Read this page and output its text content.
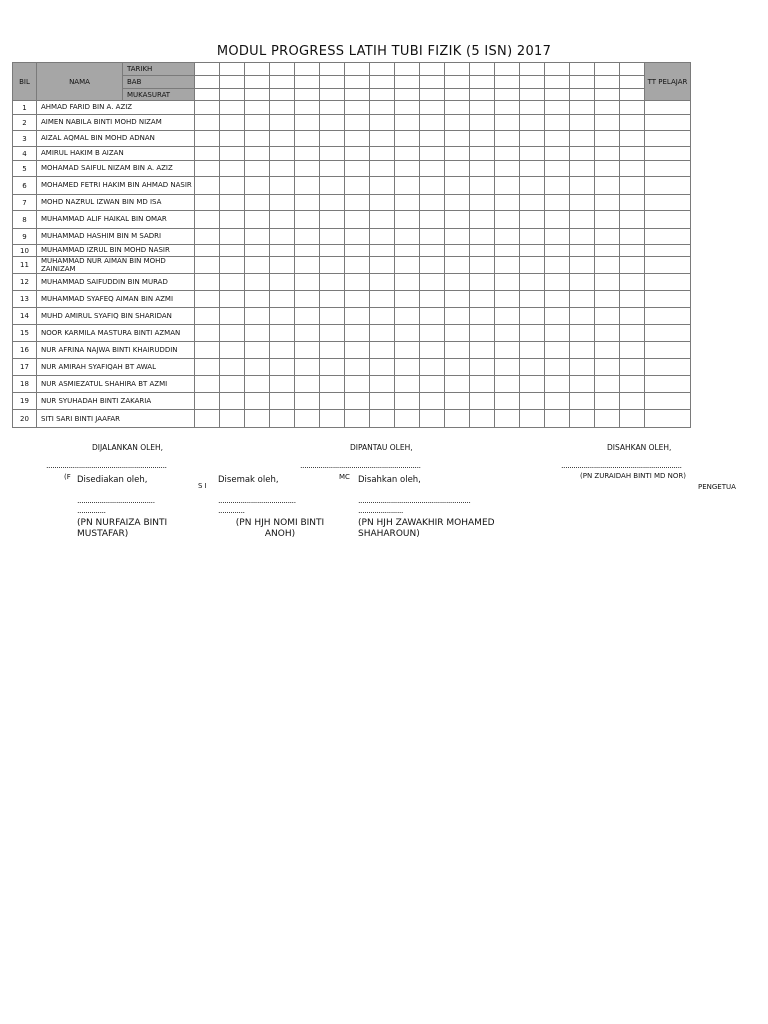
MODUL PROGRESS LATIH TUBI FIZIK (5 ISN) 2017
BIL	NAMA	TARIKH																			TT PELAJAR
		BAB																			
		MUKASURAT																			
1	AHMAD FARID BIN A. AZIZ																				
2	AIMEN NABILA BINTI MOHD NIZAM																				
3	AIZAL AQMAL BIN MOHD ADNAN																				
4	AMIRUL HAKIM B AIZAN																				
5	MOHAMAD SAIFUL NIZAM BIN A. AZIZ																				
6	MOHAMED FETRI HAKIM BIN AHMAD NASIR																				
7	MOHD NAZRUL IZWAN BIN MD ISA																				
8	MUHAMMAD ALIF HAIKAL BIN OMAR																				
9	MUHAMMAD HASHIM BIN M SADRI																				
10	MUHAMMAD IZRUL BIN MOHD NASIR																				
11	MUHAMMAD NUR AIMAN BIN MOHD ZAINIZAM																				
12	MUHAMMAD SAIFUDDIN BIN MURAD																				
13	MUHAMMAD SYAFEQ AIMAN BIN AZMI																				
14	MUHD AMIRUL SYAFIQ BIN SHARIDAN																				
15	NOOR KARMILA MASTURA BINTI AZMAN																				
16	NUR AFRINA NAJWA BINTI KHAIRUDDIN																				
17	NUR AMIRAH SYAFIQAH BT AWAL																				
18	NUR ASMIEZATUL SHAHIRA BT AZMI																				
19	NUR SYUHADAH BINTI ZAKARIA																				
20	SITI SARI BINTI JAAFAR																				
DIJALANKAN OLEH,	DIPANTAU OLEH,	DISAHKAN OLEH,
...........................................................	...........................................................	...........................................................
(F	MC	(PN ZURAIDAH BINTI MD NOR)
S I	PENGETUA
Disediakan oleh,	Disemak oleh,	Disahkan oleh,
......................................
..............
......................................
.............
.......................................................
......................
(PN NURFAIZA BINTI MUSTAFAR)
(PN HJH NOMI BINTI ANOH)
(PN HJH ZAWAKHIR MOHAMED SHAHAROUN)
